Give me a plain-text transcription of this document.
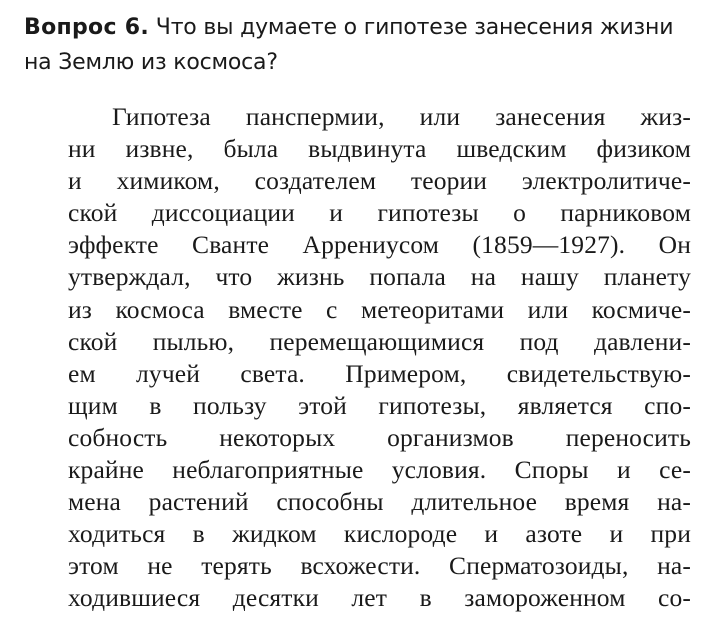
Вопрос 6. Что вы думаете о гипотезе занесения жизни на Землю из космоса?

Гипотеза панспермии, или занесения жиз-
ни извне, была выдвинута шведским физиком
и химиком, создателем теории электролитиче-
ской диссоциации и гипотезы о парниковом
эффекте Сванте Аррениусом (1859—1927). Он
утверждал, что жизнь попала на нашу планету
из космоса вместе с метеоритами или космиче-
ской пылью, перемещающимися под давлени-
ем лучей света. Примером, свидетельствую-
щим в пользу этой гипотезы, является спо-
собность некоторых организмов переносить
крайне неблагоприятные условия. Споры и се-
мена растений способны длительное время на-
ходиться в жидком кислороде и азоте и при
этом не терять всхожести. Сперматозоиды, на-
ходившиеся десятки лет в замороженном со-
